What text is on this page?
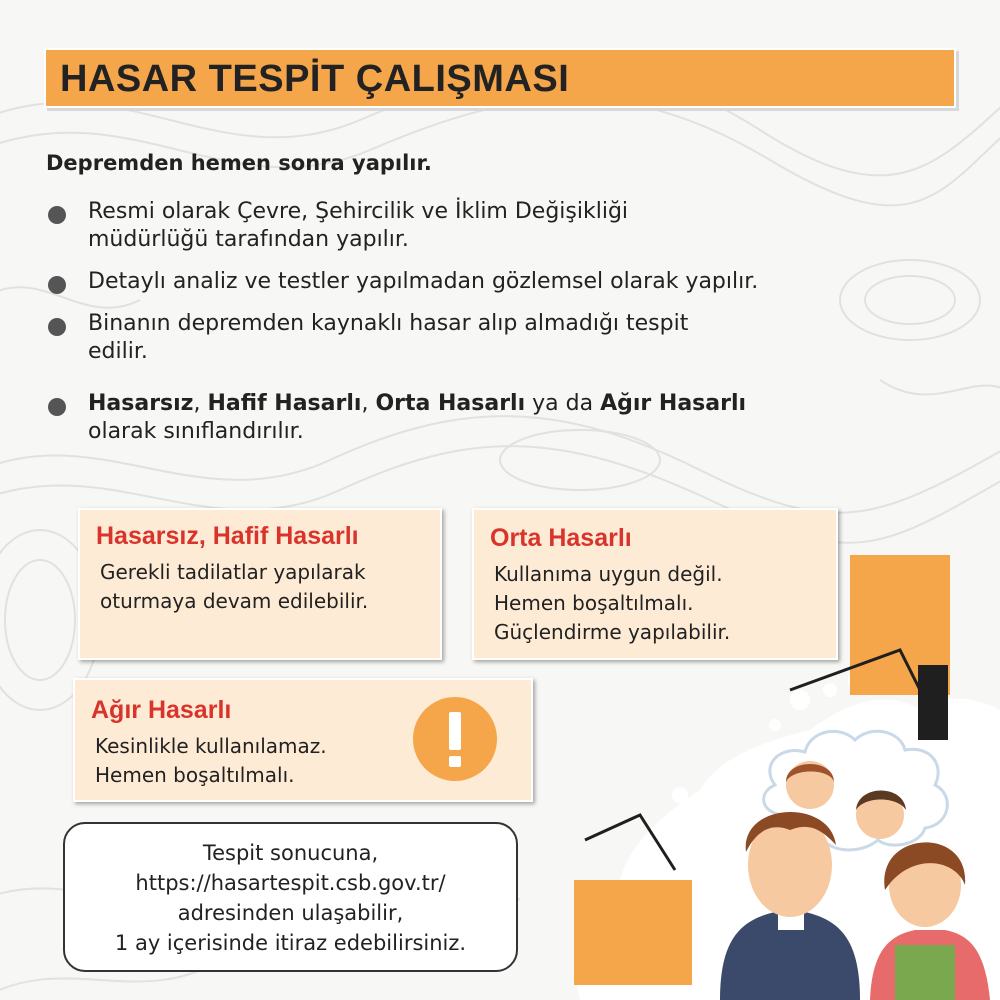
HASAR TESPİT ÇALIŞMASI
Depremden hemen sonra yapılır.
Resmi olarak Çevre, Şehircilik ve İklim Değişikliği
müdürlüğü tarafından yapılır.
Detaylı analiz ve testler yapılmadan gözlemsel olarak yapılır.
Binanın depremden kaynaklı hasar alıp almadığı tespit
edilir.
Hasarsız, Hafif Hasarlı, Orta Hasarlı ya da Ağır Hasarlı
olarak sınıflandırılır.
Hasarsız, Hafif Hasarlı
Gerekli tadilatlar yapılarak
oturmaya devam edilebilir.
Orta Hasarlı
Kullanıma uygun değil.
Hemen boşaltılmalı.
Güçlendirme yapılabilir.
Ağır Hasarlı
Kesinlikle kullanılamaz.
Hemen boşaltılmalı.
Tespit sonucuna,
https://hasartespit.csb.gov.tr/
adresinden ulaşabilir,
1 ay içerisinde itiraz edebilirsiniz.
